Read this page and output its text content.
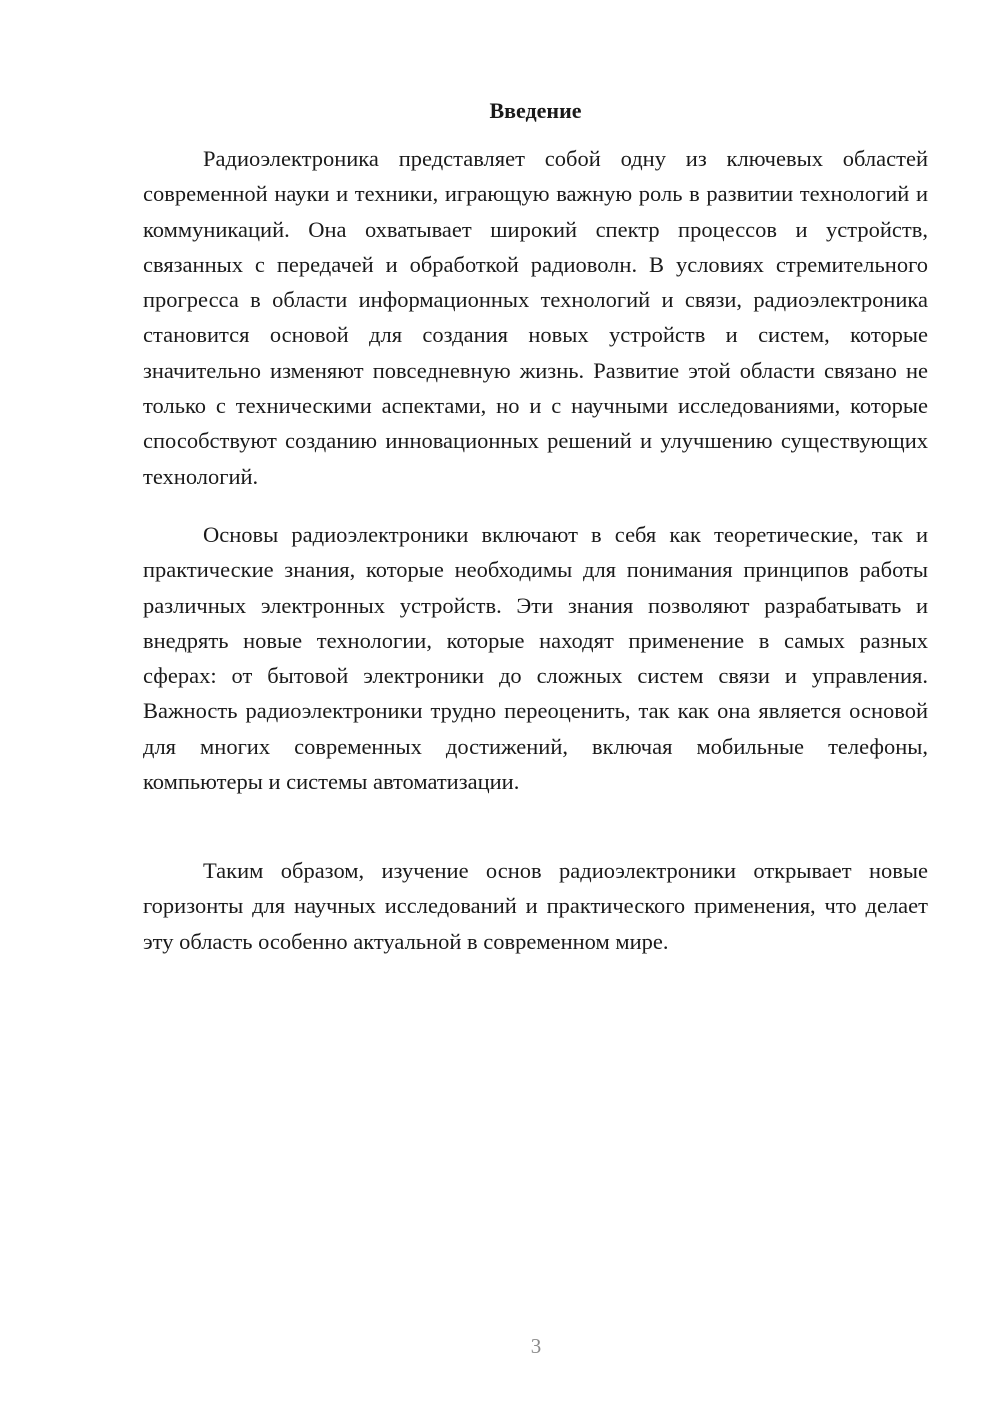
Введение

Радиоэлектроника представляет собой одну из ключевых областей современной науки и техники, играющую важную роль в развитии технологий и коммуникаций. Она охватывает широкий спектр процессов и устройств, связанных с передачей и обработкой радиоволн. В условиях стремительного прогресса в области информационных технологий и связи, радиоэлектроника становится основой для создания новых устройств и систем, которые значительно изменяют повседневную жизнь. Развитие этой области связано не только с техническими аспектами, но и с научными исследованиями, которые способствуют созданию инновационных решений и улучшению существующих технологий.

Основы радиоэлектроники включают в себя как теоретические, так и практические знания, которые необходимы для понимания принципов работы различных электронных устройств. Эти знания позволяют разрабатывать и внедрять новые технологии, которые находят применение в самых разных сферах: от бытовой электроники до сложных систем связи и управления. Важность радиоэлектроники трудно переоценить, так как она является основой для многих современных достижений, включая мобильные телефоны, компьютеры и системы автоматизации.

Таким образом, изучение основ радиоэлектроники открывает новые горизонты для научных исследований и практического применения, что делает эту область особенно актуальной в современном мире.

3
